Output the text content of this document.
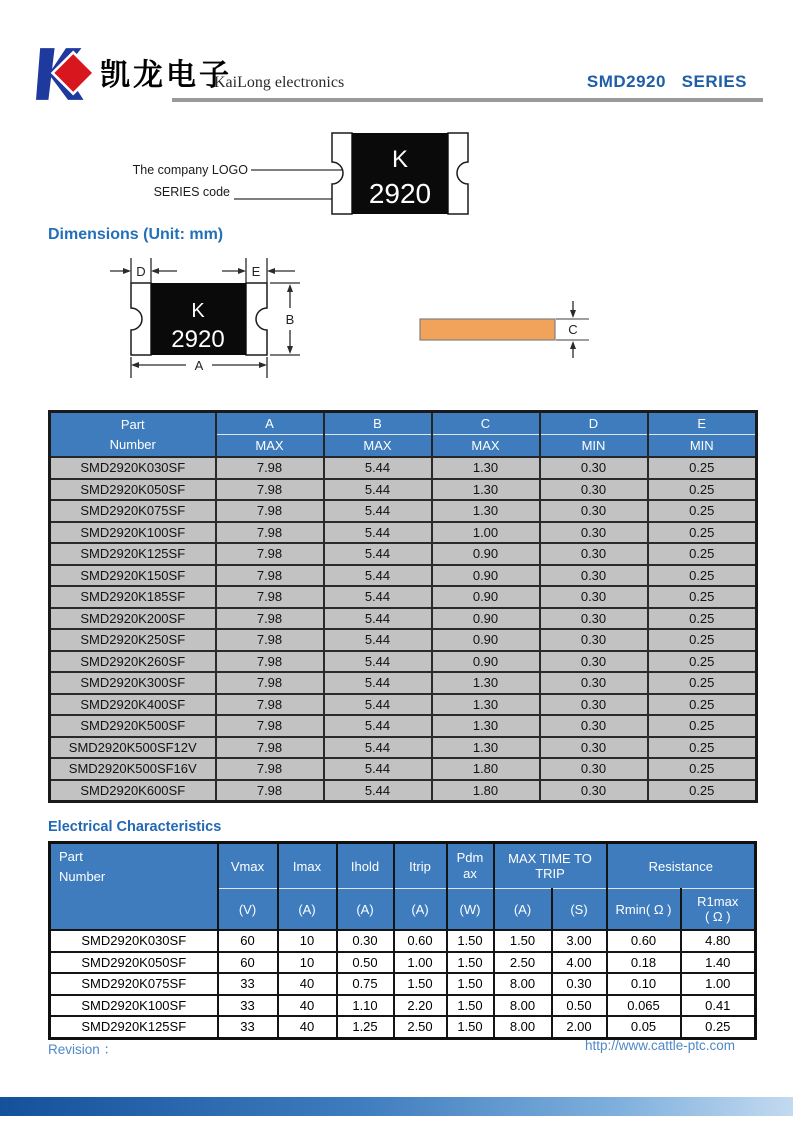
凯龙电子
KaiLong electronics	SMD2920   SERIES
The company LOGO
SERIES code
K
2920
Dimensions (Unit: mm)
K
2920
D	E
B
A
C
Part
Number	A	B	C	D	E
	MAX	MAX	MAX	MIN	MIN
SMD2920K030SF	7.98	5.44	1.30	0.30	0.25
SMD2920K050SF	7.98	5.44	1.30	0.30	0.25
SMD2920K075SF	7.98	5.44	1.30	0.30	0.25
SMD2920K100SF	7.98	5.44	1.00	0.30	0.25
SMD2920K125SF	7.98	5.44	0.90	0.30	0.25
SMD2920K150SF	7.98	5.44	0.90	0.30	0.25
SMD2920K185SF	7.98	5.44	0.90	0.30	0.25
SMD2920K200SF	7.98	5.44	0.90	0.30	0.25
SMD2920K250SF	7.98	5.44	0.90	0.30	0.25
SMD2920K260SF	7.98	5.44	0.90	0.30	0.25
SMD2920K300SF	7.98	5.44	1.30	0.30	0.25
SMD2920K400SF	7.98	5.44	1.30	0.30	0.25
SMD2920K500SF	7.98	5.44	1.30	0.30	0.25
SMD2920K500SF12V	7.98	5.44	1.30	0.30	0.25
SMD2920K500SF16V	7.98	5.44	1.80	0.30	0.25
SMD2920K600SF	7.98	5.44	1.80	0.30	0.25
Electrical Characteristics
Part
Number	Vmax	Imax	Ihold	Itrip	Pdmax	MAX TIME TO TRIP		Resistance	
	(V)	(A)	(A)	(A)	(W)	(A)	(S)	Rmin( Ω )	R1max
( Ω )

SMD2920K030SF	60	10	0.30	0.60	1.50	1.50	3.00	0.60	4.80
SMD2920K050SF	60	10	0.50	1.00	1.50	2.50	4.00	0.18	1.40
SMD2920K075SF	33	40	0.75	1.50	1.50	8.00	0.30	0.10	1.00
SMD2920K100SF	33	40	1.10	2.20	1.50	8.00	0.50	0.065	0.41
SMD2920K125SF	33	40	1.25	2.50	1.50	8.00	2.00	0.05	0.25
Revision ：	http://www.cattle-ptc.com
